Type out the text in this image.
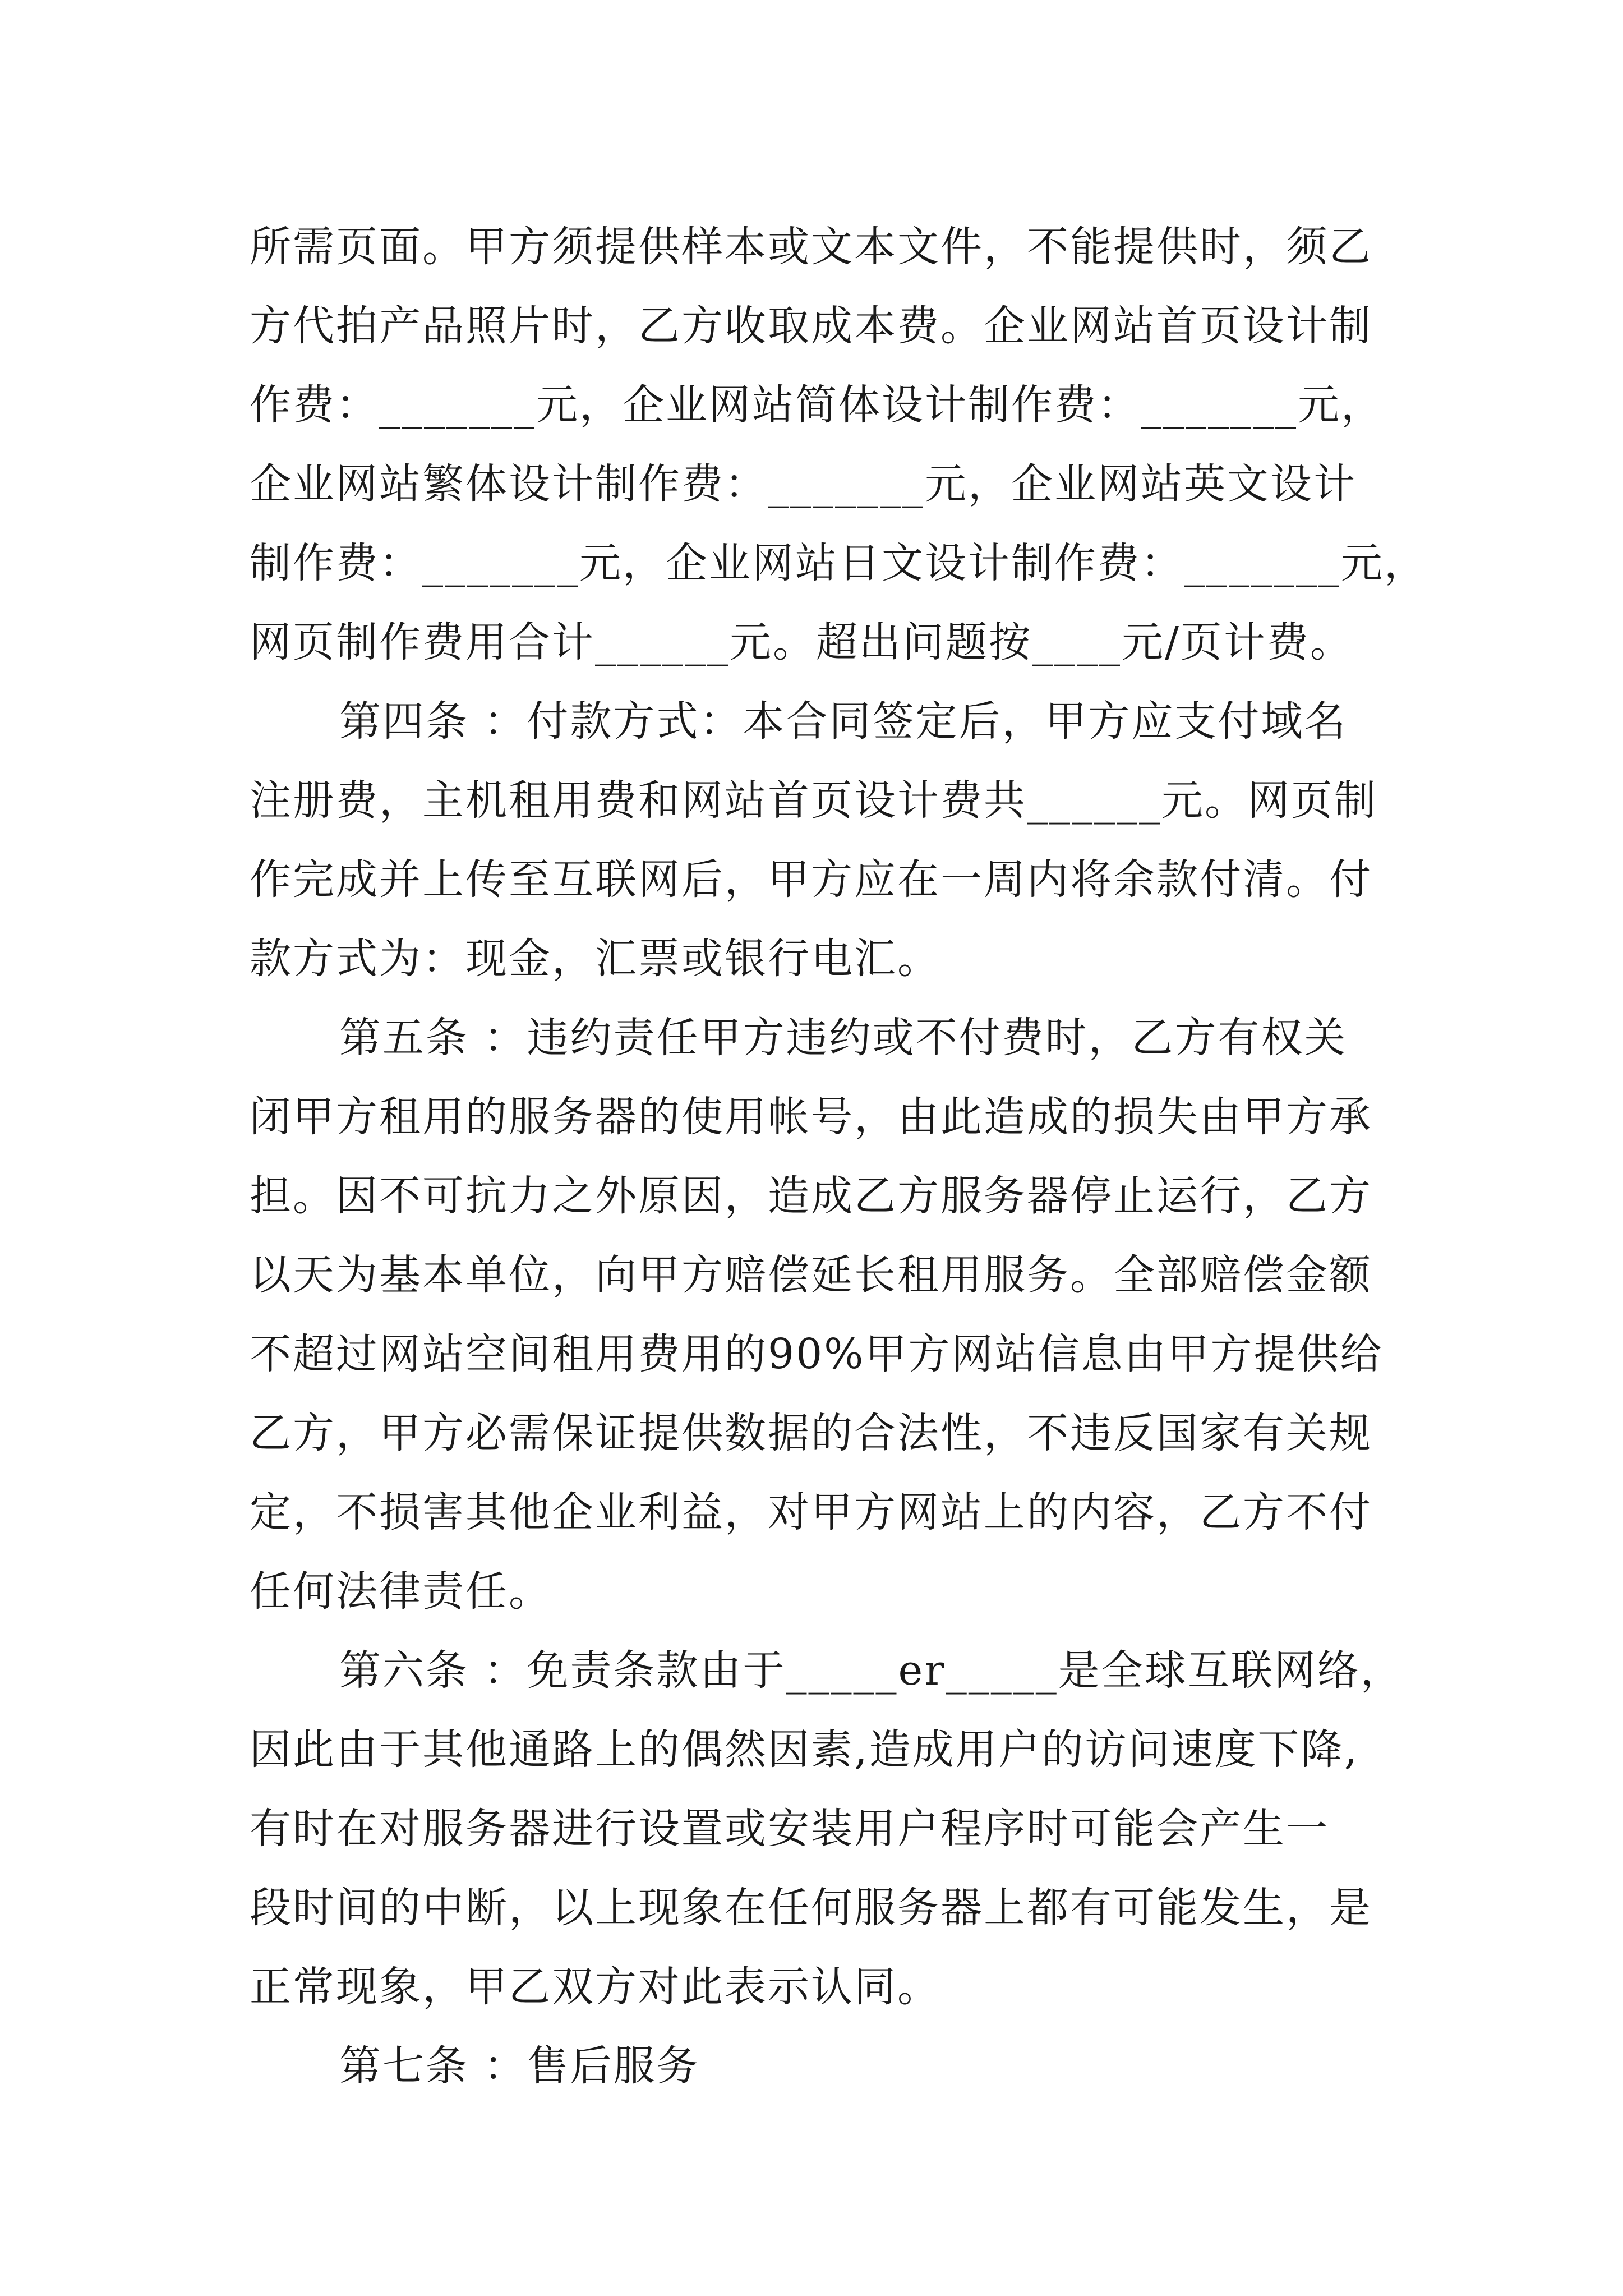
所需页面。甲方须提供样本或文本文件，不能提供时，须乙
方代拍产品照片时，乙方收取成本费。企业网站首页设计制
作费：_______元，企业网站简体设计制作费：_______元，
企业网站繁体设计制作费：_______元，企业网站英文设计
制作费：_______元，企业网站日文设计制作费：_______元，
网页制作费用合计______元。超出问题按____元/页计费。
第四条 ：付款方式：本合同签定后，甲方应支付域名
注册费，主机租用费和网站首页设计费共______元。网页制
作完成并上传至互联网后，甲方应在一周内将余款付清。付
款方式为：现金，汇票或银行电汇。
第五条 ：违约责任甲方违约或不付费时，乙方有权关
闭甲方租用的服务器的使用帐号，由此造成的损失由甲方承
担。因不可抗力之外原因，造成乙方服务器停止运行，乙方
以天为基本单位，向甲方赔偿延长租用服务。全部赔偿金额
不超过网站空间租用费用的90%甲方网站信息由甲方提供给
乙方，甲方必需保证提供数据的合法性，不违反国家有关规
定，不损害其他企业利益，对甲方网站上的内容，乙方不付
任何法律责任。
第六条 ：免责条款由于_____er_____是全球互联网络，
因此由于其他通路上的偶然因素,造成用户的访问速度下降,
有时在对服务器进行设置或安装用户程序时可能会产生一
段时间的中断，以上现象在任何服务器上都有可能发生，是
正常现象，甲乙双方对此表示认同。
第七条 ：售后服务
